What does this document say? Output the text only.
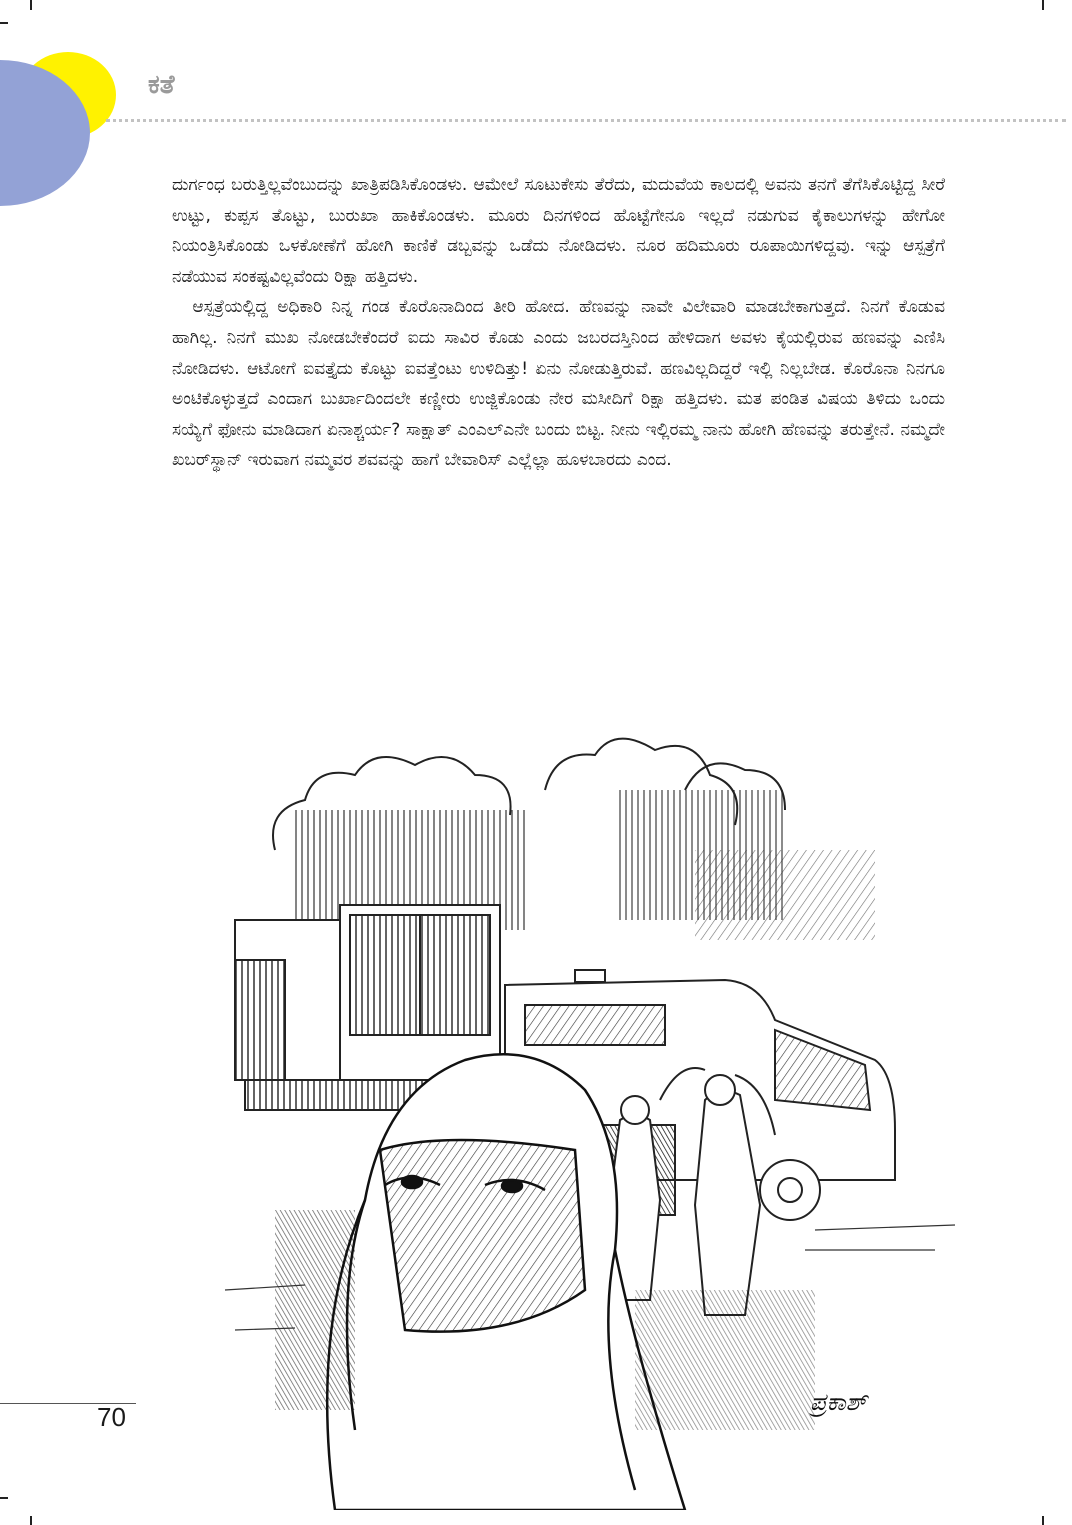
ಕತೆ

ದುರ್ಗಂಧ ಬರುತ್ತಿಲ್ಲವೆಂಬುದನ್ನು ಖಾತ್ರಿಪಡಿಸಿಕೊಂಡಳು. ಆಮೇಲೆ ಸೂಟುಕೇಸು ತೆರೆದು, ಮದುವೆಯ ಕಾಲದಲ್ಲಿ ಅವನು ತನಗೆ ತೆಗೆಸಿಕೊಟ್ಟಿದ್ದ ಸೀರೆ ಉಟ್ಟು, ಕುಪ್ಪಸ ತೊಟ್ಟು, ಬುರುಖಾ ಹಾಕಿಕೊಂಡಳು. ಮೂರು ದಿನಗಳಿಂದ ಹೊಟ್ಟೆಗೇನೂ ಇಲ್ಲದೆ ನಡುಗುವ ಕೈಕಾಲುಗಳನ್ನು ಹೇಗೋ ನಿಯಂತ್ರಿಸಿಕೊಂಡು ಒಳಕೋಣೆಗೆ ಹೋಗಿ ಕಾಣಿಕೆ ಡಬ್ಬವನ್ನು ಒಡೆದು ನೋಡಿದಳು. ನೂರ ಹದಿಮೂರು ರೂಪಾಯಿಗಳಿದ್ದವು. ಇನ್ನು ಆಸ್ಪತ್ರೆಗೆ ನಡೆಯುವ ಸಂಕಷ್ಟವಿಲ್ಲವೆಂದು ರಿಕ್ಷಾ ಹತ್ತಿದಳು.

ಆಸ್ಪತ್ರೆಯಲ್ಲಿದ್ದ ಅಧಿಕಾರಿ ನಿನ್ನ ಗಂಡ ಕೊರೊನಾದಿಂದ ತೀರಿ ಹೋದ. ಹೆಣವನ್ನು ನಾವೇ ವಿಲೇವಾರಿ ಮಾಡಬೇಕಾಗುತ್ತದೆ. ನಿನಗೆ ಕೊಡುವ ಹಾಗಿಲ್ಲ. ನಿನಗೆ ಮುಖ ನೋಡಬೇಕೆಂದರೆ ಐದು ಸಾವಿರ ಕೊಡು ಎಂದು ಜಬರದಸ್ತಿನಿಂದ ಹೇಳಿದಾಗ ಅವಳು ಕೈಯಲ್ಲಿರುವ ಹಣವನ್ನು ಎಣಿಸಿ ನೋಡಿದಳು. ಆಟೋಗೆ ಐವತ್ತೈದು ಕೊಟ್ಟು ಐವತ್ತೆಂಟು ಉಳಿದಿತ್ತು! ಏನು ನೋಡುತ್ತಿರುವೆ. ಹಣವಿಲ್ಲದಿದ್ದರೆ ಇಲ್ಲಿ ನಿಲ್ಲಬೇಡ. ಕೊರೊನಾ ನಿನಗೂ ಅಂಟಿಕೊಳ್ಳುತ್ತದೆ ಎಂದಾಗ ಬುರ್ಖಾದಿಂದಲೇ ಕಣ್ಣೀರು ಉಜ್ಜಿಕೊಂಡು ನೇರ ಮಸೀದಿಗೆ ರಿಕ್ಷಾ ಹತ್ತಿದಳು. ಮತ ಪಂಡಿತ ವಿಷಯ ತಿಳಿದು ಒಂದು ಸಯ್ಯೆಗೆ ಫೋನು ಮಾಡಿದಾಗ ಏನಾಶ್ಚರ್ಯ? ಸಾಕ್ಷಾತ್ ಎಂಎಲ್‌ಎನೇ ಬಂದು ಬಿಟ್ಟ. ನೀನು ಇಲ್ಲಿರಮ್ಮ ನಾನು ಹೋಗಿ ಹೆಣವನ್ನು ತರುತ್ತೇನೆ. ನಮ್ಮದೇ ಖಬರ್‌ಸ್ಥಾನ್ ಇರುವಾಗ ನಮ್ಮವರ ಶವವನ್ನು ಹಾಗೆ ಬೇವಾರಿಸ್ ಎಲ್ಲೆಲ್ಲಾ ಹೂಳಬಾರದು ಎಂದ.

ಪ್ರಕಾಶ್
70
